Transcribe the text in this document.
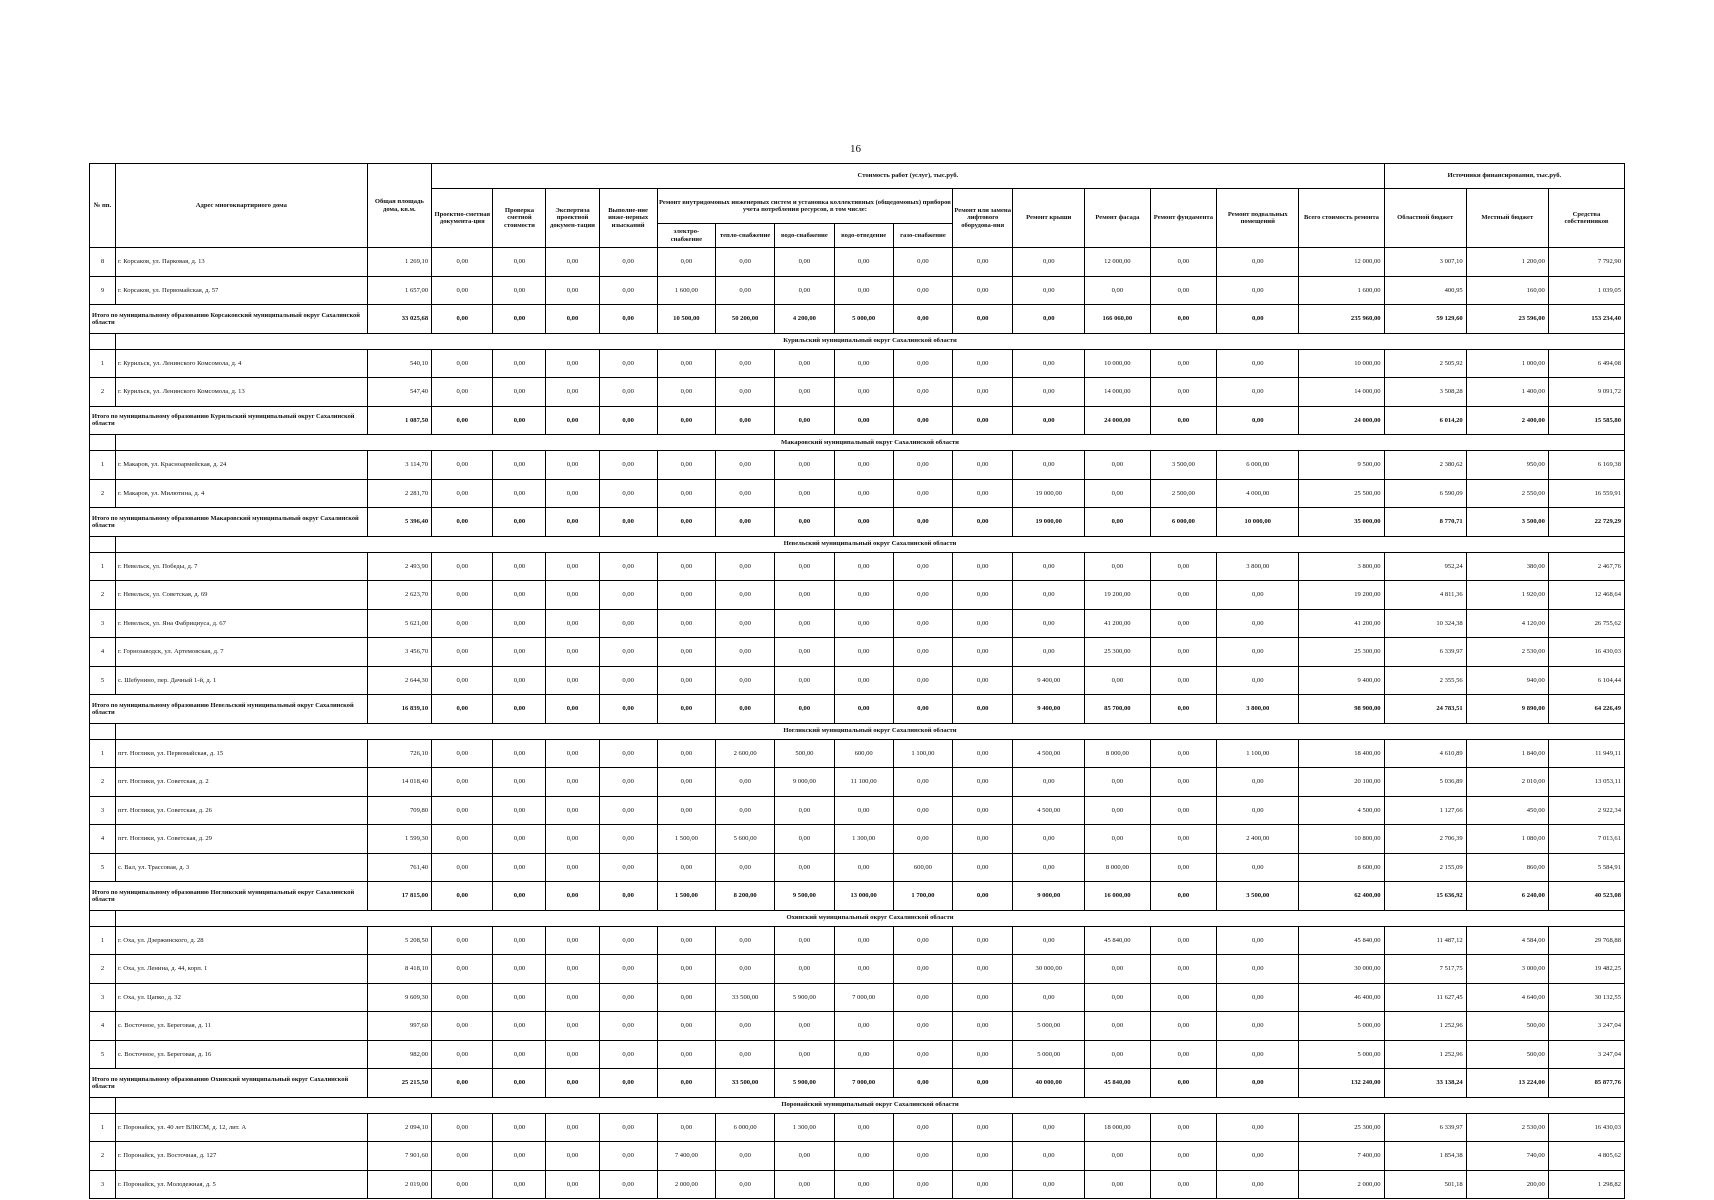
16
№ пп.	Адрес многоквартирного дома	Общая площадь дома, кв.м.	Стоимость работ (услуг), тыс.руб.															Источники финансирования, тыс.руб.		
			Проектно-сметная документа-ция	Проверка сметной стоимости	Экспертиза проектной докумен-тации	Выполне-ние инже-нерных изысканий	Ремонт внутридомовых инженерных систем и установка коллективных (общедомовых) приборов учета потребления ресурсов, в том числе:					Ремонт или замена лифтового оборудова-ния	Ремонт крыши	Ремонт фасада	Ремонт фундамента	Ремонт подвальных помещений	Всего стоимость ремонта	Областной бюджет	Местный бюджет	Средства собственников
							электро-снабжение	тепло-снабжение	водо-снабжение	водо-отведение	газо-снабжение									
8	г. Корсаков, ул. Парковая, д. 13	1 269,10	0,00	0,00	0,00	0,00	0,00	0,00	0,00	0,00	0,00	0,00	0,00	12 000,00	0,00	0,00	12 000,00	3 007,10	1 200,00	7 792,90
9	г. Корсаков, ул. Первомайская, д. 57	1 657,00	0,00	0,00	0,00	0,00	1 600,00	0,00	0,00	0,00	0,00	0,00	0,00	0,00	0,00	0,00	1 600,00	400,95	160,00	1 039,05
Итого по муниципальному образованию Корсаковский муниципальный округ Сахалинской области		33 025,68	0,00	0,00	0,00	0,00	10 500,00	50 200,00	4 200,00	5 000,00	0,00	0,00	0,00	166 060,00	0,00	0,00	235 960,00	59 129,60	23 596,00	153 234,40
	Курильский муниципальный округ Сахалинской области																			
1	г. Курильск, ул. Ленинского Комсомола, д. 4	540,10	0,00	0,00	0,00	0,00	0,00	0,00	0,00	0,00	0,00	0,00	0,00	10 000,00	0,00	0,00	10 000,00	2 505,92	1 000,00	6 494,08
2	г. Курильск, ул. Ленинского Комсомола, д. 13	547,40	0,00	0,00	0,00	0,00	0,00	0,00	0,00	0,00	0,00	0,00	0,00	14 000,00	0,00	0,00	14 000,00	3 508,28	1 400,00	9 091,72
Итого по муниципальному образованию Курильский муниципальный округ Сахалинской области		1 087,50	0,00	0,00	0,00	0,00	0,00	0,00	0,00	0,00	0,00	0,00	0,00	24 000,00	0,00	0,00	24 000,00	6 014,20	2 400,00	15 585,80
	Макаровский муниципальный округ Сахалинской области																			
1	г. Макаров, ул. Красноармейская, д. 24	3 114,70	0,00	0,00	0,00	0,00	0,00	0,00	0,00	0,00	0,00	0,00	0,00	0,00	3 500,00	6 000,00	9 500,00	2 380,62	950,00	6 169,38
2	г. Макаров, ул. Милютина, д. 4	2 281,70	0,00	0,00	0,00	0,00	0,00	0,00	0,00	0,00	0,00	0,00	19 000,00	0,00	2 500,00	4 000,00	25 500,00	6 590,09	2 550,00	16 559,91
Итого по муниципальному образованию Макаровский муниципальный округ Сахалинской области		5 396,40	0,00	0,00	0,00	0,00	0,00	0,00	0,00	0,00	0,00	0,00	19 000,00	0,00	6 000,00	10 000,00	35 000,00	8 770,71	3 500,00	22 729,29
	Невельский муниципальный округ Сахалинской области																			
1	г. Невельск, ул. Победы, д. 7	2 493,90	0,00	0,00	0,00	0,00	0,00	0,00	0,00	0,00	0,00	0,00	0,00	0,00	0,00	3 800,00	3 800,00	952,24	380,00	2 467,76
2	г. Невельск, ул. Советская, д. 69	2 623,70	0,00	0,00	0,00	0,00	0,00	0,00	0,00	0,00	0,00	0,00	0,00	19 200,00	0,00	0,00	19 200,00	4 811,36	1 920,00	12 468,64
3	г. Невельск, ул. Яна Фабрициуса, д. 67	5 621,00	0,00	0,00	0,00	0,00	0,00	0,00	0,00	0,00	0,00	0,00	0,00	41 200,00	0,00	0,00	41 200,00	10 324,38	4 120,00	26 755,62
4	г. Горнозаводск, ул. Артемовская, д. 7	3 456,70	0,00	0,00	0,00	0,00	0,00	0,00	0,00	0,00	0,00	0,00	0,00	25 300,00	0,00	0,00	25 300,00	6 339,97	2 530,00	16 430,03
5	с. Шебунино, пер. Дачный 1-й, д. 1	2 644,30	0,00	0,00	0,00	0,00	0,00	0,00	0,00	0,00	0,00	0,00	9 400,00	0,00	0,00	0,00	9 400,00	2 355,56	940,00	6 104,44
Итого по муниципальному образованию Невельский муниципальный округ Сахалинской области		16 839,10	0,00	0,00	0,00	0,00	0,00	0,00	0,00	0,00	0,00	0,00	9 400,00	85 700,00	0,00	3 800,00	98 900,00	24 783,51	9 890,00	64 226,49
	Ногликский муниципальный округ Сахалинской области																			
1	пгт. Ноглики, ул. Первомайская, д. 15	726,10	0,00	0,00	0,00	0,00	0,00	2 600,00	500,00	600,00	1 100,00	0,00	4 500,00	8 000,00	0,00	1 100,00	18 400,00	4 610,89	1 840,00	11 949,11
2	пгт. Ноглики, ул. Советская, д. 2	14 018,40	0,00	0,00	0,00	0,00	0,00	0,00	9 000,00	11 100,00	0,00	0,00	0,00	0,00	0,00	0,00	20 100,00	5 036,89	2 010,00	13 053,11
3	пгт. Ноглики, ул. Советская, д. 26	709,80	0,00	0,00	0,00	0,00	0,00	0,00	0,00	0,00	0,00	0,00	4 500,00	0,00	0,00	0,00	4 500,00	1 127,66	450,00	2 922,34
4	пгт. Ноглики, ул. Советская, д. 29	1 599,30	0,00	0,00	0,00	0,00	1 500,00	5 600,00	0,00	1 300,00	0,00	0,00	0,00	0,00	0,00	2 400,00	10 800,00	2 706,39	1 080,00	7 013,61
5	с. Вал, ул. Трассовая, д. 3	761,40	0,00	0,00	0,00	0,00	0,00	0,00	0,00	0,00	600,00	0,00	0,00	8 000,00	0,00	0,00	8 600,00	2 155,09	860,00	5 584,91
Итого по муниципальному образованию Ногликский муниципальный округ Сахалинской области		17 815,00	0,00	0,00	0,00	0,00	1 500,00	8 200,00	9 500,00	13 000,00	1 700,00	0,00	9 000,00	16 000,00	0,00	3 500,00	62 400,00	15 636,92	6 240,00	40 523,08
	Охинский муниципальный округ Сахалинской области																			
1	г. Оха, ул. Дзержинского, д. 28	5 208,50	0,00	0,00	0,00	0,00	0,00	0,00	0,00	0,00	0,00	0,00	0,00	45 840,00	0,00	0,00	45 840,00	11 487,12	4 584,00	29 768,88
2	г. Оха, ул. Ленина, д. 44, корп. 1	8 418,10	0,00	0,00	0,00	0,00	0,00	0,00	0,00	0,00	0,00	0,00	30 000,00	0,00	0,00	0,00	30 000,00	7 517,75	3 000,00	19 482,25
3	г. Оха, ул. Цапко, д. 32	9 609,30	0,00	0,00	0,00	0,00	0,00	33 500,00	5 900,00	7 000,00	0,00	0,00	0,00	0,00	0,00	0,00	46 400,00	11 627,45	4 640,00	30 132,55
4	с. Восточное, ул. Береговая, д. 11	997,60	0,00	0,00	0,00	0,00	0,00	0,00	0,00	0,00	0,00	0,00	5 000,00	0,00	0,00	0,00	5 000,00	1 252,96	500,00	3 247,04
5	с. Восточное, ул. Береговая, д. 16	982,00	0,00	0,00	0,00	0,00	0,00	0,00	0,00	0,00	0,00	0,00	5 000,00	0,00	0,00	0,00	5 000,00	1 252,96	500,00	3 247,04
Итого по муниципальному образованию Охинский муниципальный округ Сахалинской области		25 215,50	0,00	0,00	0,00	0,00	0,00	33 500,00	5 900,00	7 000,00	0,00	0,00	40 000,00	45 840,00	0,00	0,00	132 240,00	33 138,24	13 224,00	85 877,76
	Поронайский муниципальный округ Сахалинской области																			
1	г. Поронайск, ул. 40 лет ВЛКСМ, д. 12, лит. А	2 094,10	0,00	0,00	0,00	0,00	0,00	6 000,00	1 300,00	0,00	0,00	0,00	0,00	18 000,00	0,00	0,00	25 300,00	6 339,97	2 530,00	16 430,03
2	г. Поронайск, ул. Восточная, д. 127	7 901,60	0,00	0,00	0,00	0,00	7 400,00	0,00	0,00	0,00	0,00	0,00	0,00	0,00	0,00	0,00	7 400,00	1 854,38	740,00	4 805,62
3	г. Поронайск, ул. Молодежная, д. 5	2 019,00	0,00	0,00	0,00	0,00	2 000,00	0,00	0,00	0,00	0,00	0,00	0,00	0,00	0,00	0,00	2 000,00	501,18	200,00	1 298,82
